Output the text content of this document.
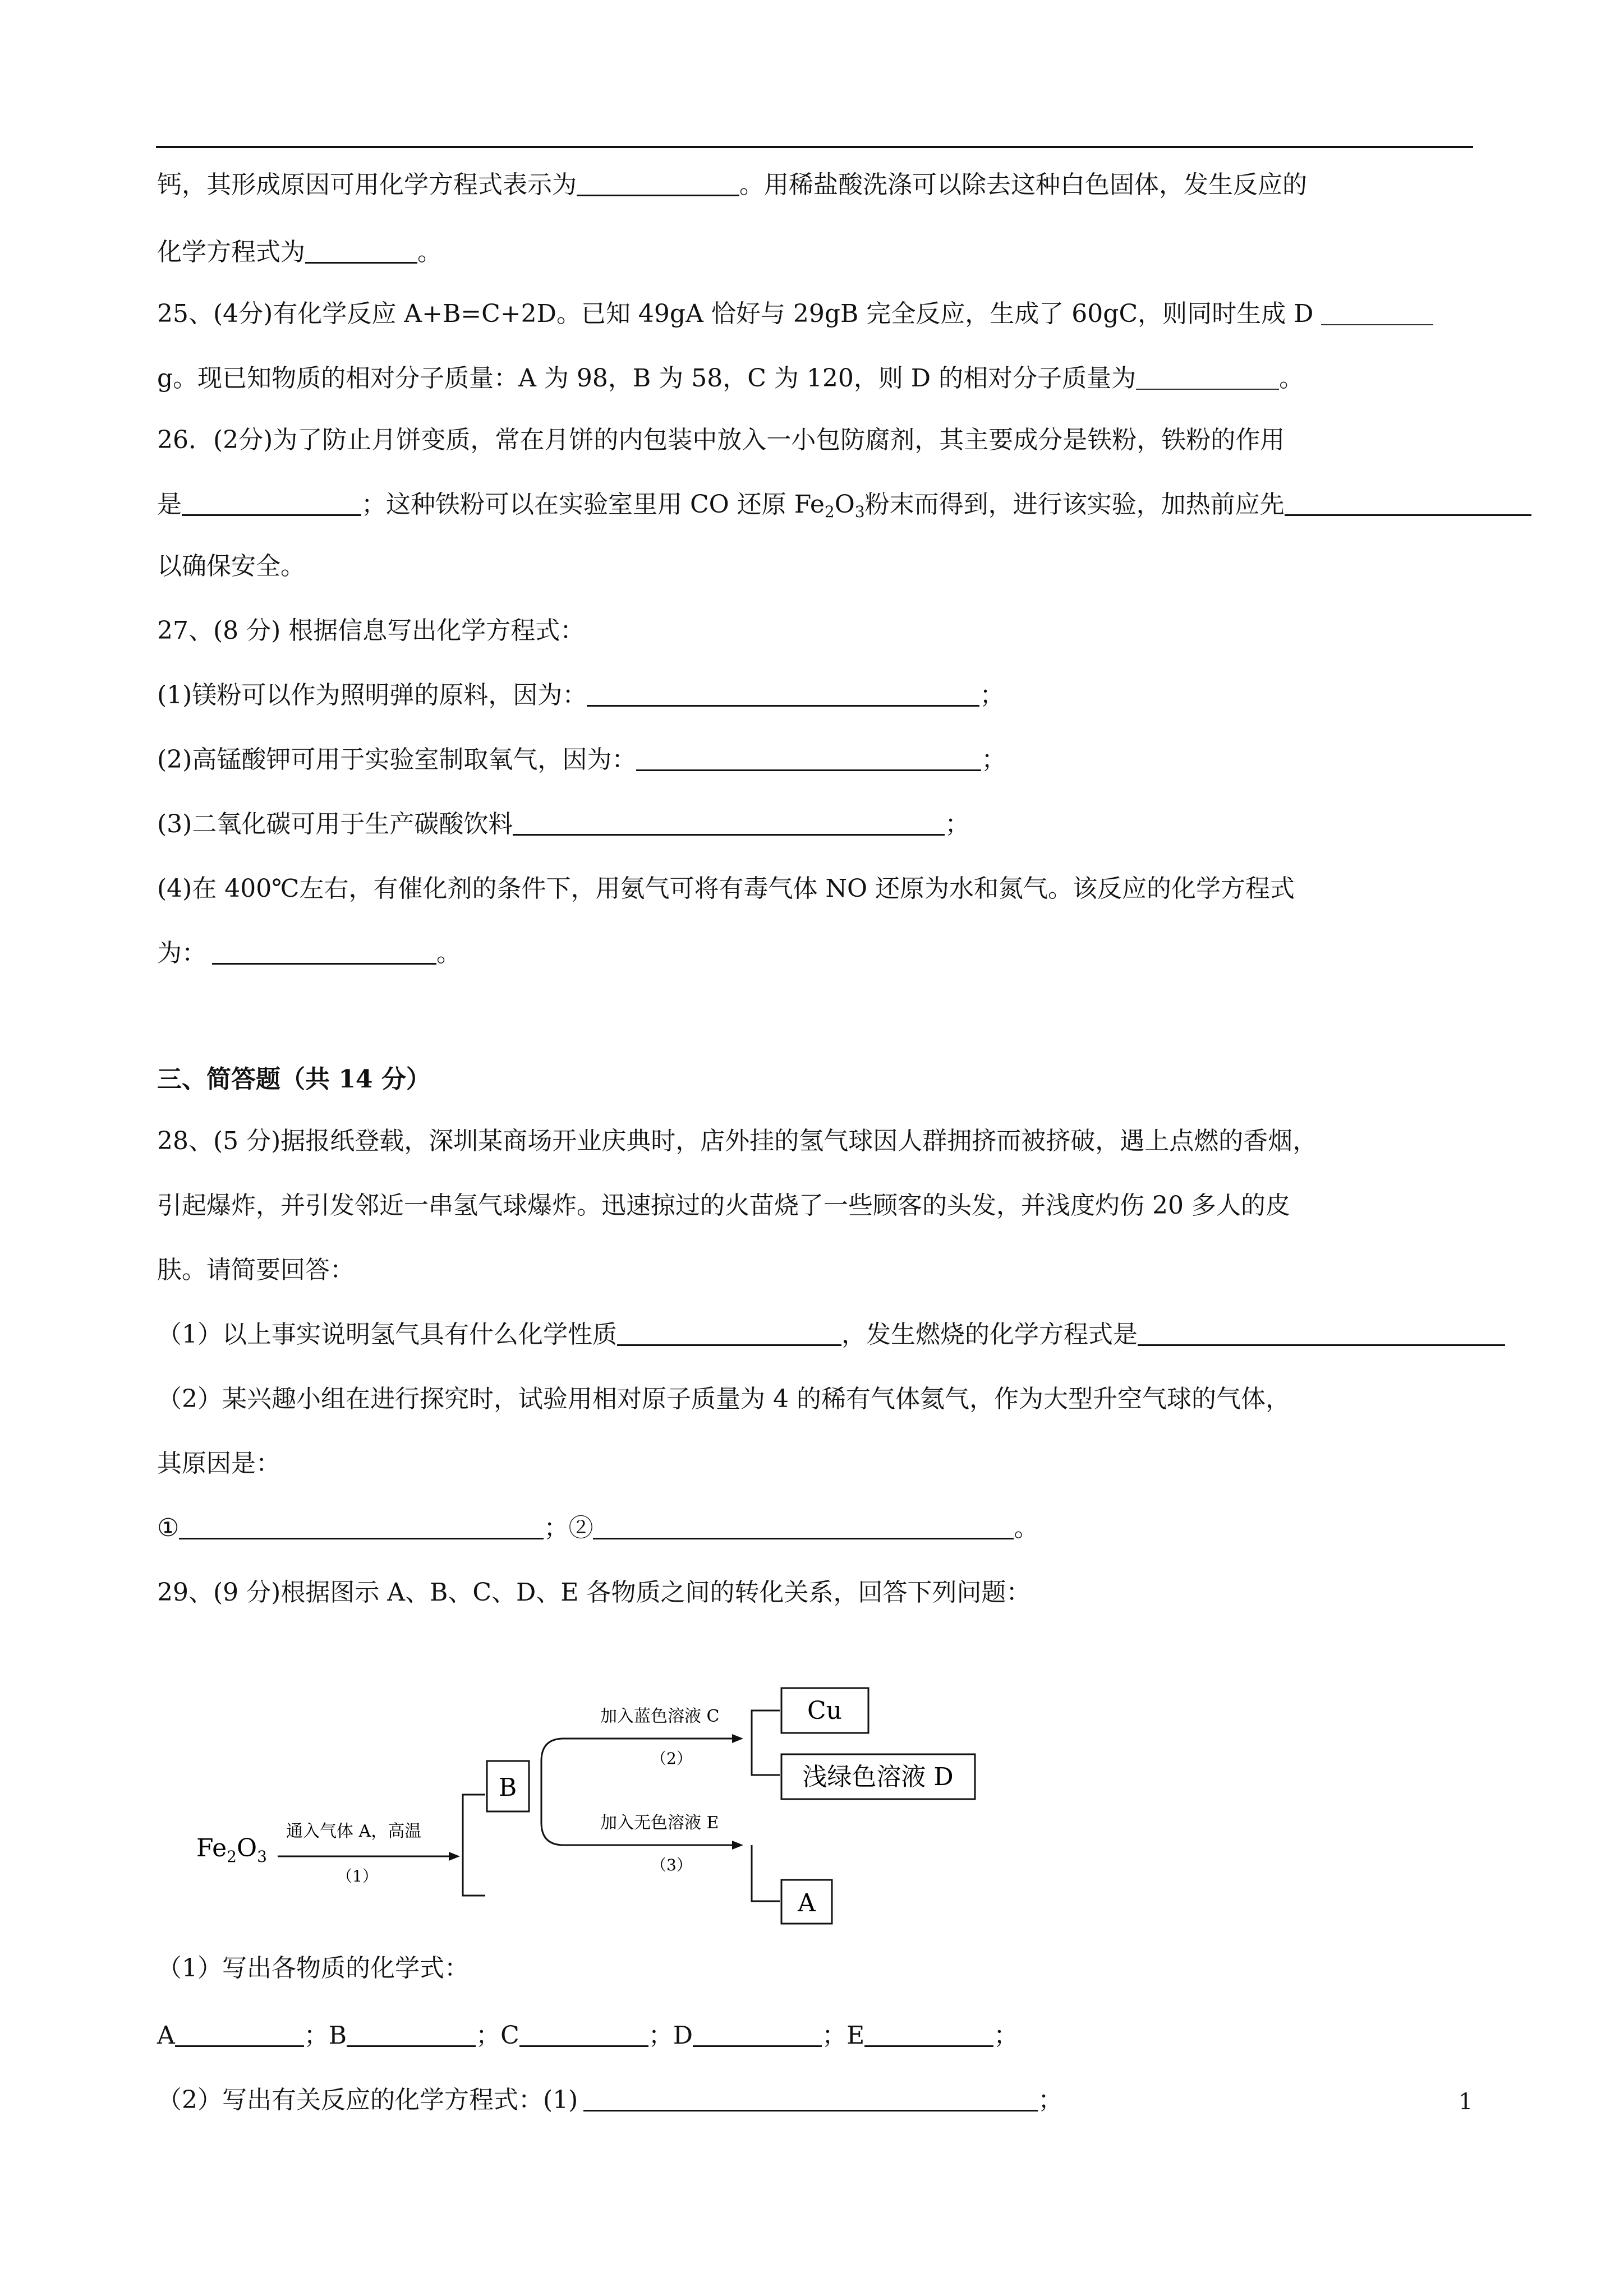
钙，其形成原因可用化学方程式表示为	。用稀盐酸洗涤可以除去这种白色固体，发生反应的
化学方程式为	。
25、(4分)有化学反应 A+B=C+2D。已知 49gA 恰好与 29gB 完全反应，生成了 60gC，则同时生成 D
g。现已知物质的相对分子质量：A 为 98，B 为 58，C 为 120，则 D 的相对分子质量为	。
26．(2分)为了防止月饼变质，常在月饼的内包装中放入一小包防腐剂，其主要成分是铁粉，铁粉的作用
是	；这种铁粉可以在实验室里用 CO 还原 $Fe_2O_3$粉末而得到，进行该实验，加热前应先
以确保安全。
27、(8 分) 根据信息写出化学方程式：
(1)镁粉可以作为照明弹的原料，因为：	；
(2)高锰酸钾可用于实验室制取氧气，因为：	；
(3)二氧化碳可用于生产碳酸饮料	；
(4)在 400℃左右，有催化剂的条件下，用氨气可将有毒气体 NO 还原为水和氮气。该反应的化学方程式
为：	。
三、简答题（共 14 分）
28、(5 分)据报纸登载，深圳某商场开业庆典时，店外挂的氢气球因人群拥挤而被挤破，遇上点燃的香烟，
引起爆炸，并引发邻近一串氢气球爆炸。迅速掠过的火苗烧了一些顾客的头发，并浅度灼伤 20 多人的皮
肤。请简要回答：
（1）以上事实说明氢气具有什么化学性质	，发生燃烧的化学方程式是
（2）某兴趣小组在进行探究时，试验用相对原子质量为 4 的稀有气体氦气，作为大型升空气球的气体，
其原因是：
①	；②	。
29、(9 分)根据图示 A、B、C、D、E 各物质之间的转化关系，回答下列问题：
$Fe_2O_3$
通入气体 A，高温
（1）
B
加入蓝色溶液 C
（2）
加入无色溶液 E
（3）
Cu
浅绿色溶液 D
A
（1）写出各物质的化学式：
A	；B	；C	；D	；E	；
（2）写出有关反应的化学方程式：(1)	；	1
